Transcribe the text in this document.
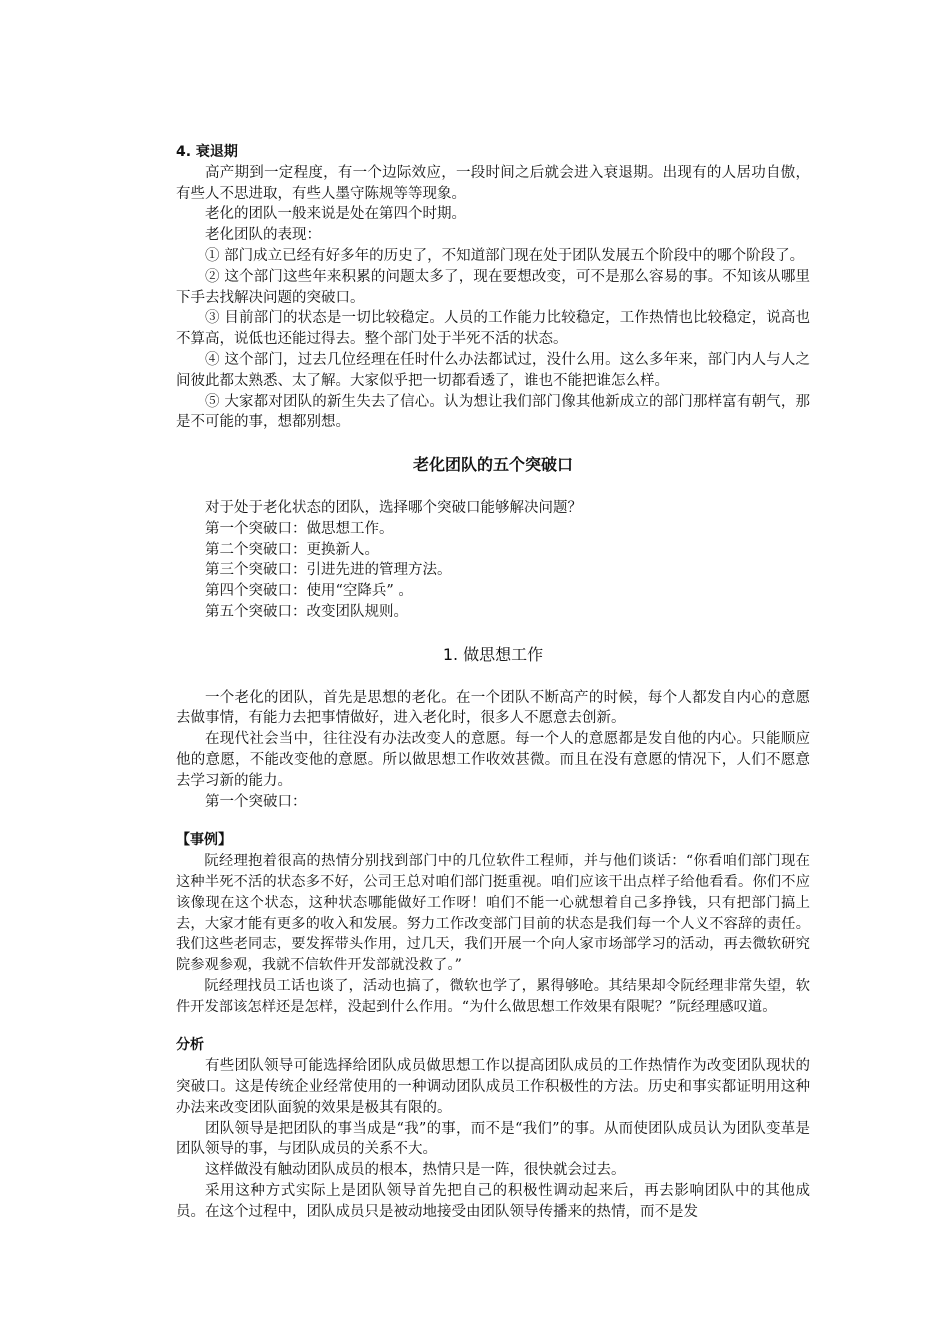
4. 衰退期

高产期到一定程度，有一个边际效应，一段时间之后就会进入衰退期。出现有的人居功自傲，有些人不思进取，有些人墨守陈规等等现象。

老化的团队一般来说是处在第四个时期。

老化团队的表现：

① 部门成立已经有好多年的历史了，不知道部门现在处于团队发展五个阶段中的哪个阶段了。

② 这个部门这些年来积累的问题太多了，现在要想改变，可不是那么容易的事。不知该从哪里下手去找解决问题的突破口。

③ 目前部门的状态是一切比较稳定。人员的工作能力比较稳定，工作热情也比较稳定，说高也不算高，说低也还能过得去。整个部门处于半死不活的状态。

④ 这个部门，过去几位经理在任时什么办法都试过，没什么用。这么多年来，部门内人与人之间彼此都太熟悉、太了解。大家似乎把一切都看透了，谁也不能把谁怎么样。

⑤ 大家都对团队的新生失去了信心。认为想让我们部门像其他新成立的部门那样富有朝气，那是不可能的事，想都别想。

老化团队的五个突破口

对于处于老化状态的团队，选择哪个突破口能够解决问题？

第一个突破口：做思想工作。

第二个突破口：更换新人。

第三个突破口：引进先进的管理方法。

第四个突破口：使用“空降兵” 。

第五个突破口：改变团队规则。

1. 做思想工作

一个老化的团队，首先是思想的老化。在一个团队不断高产的时候，每个人都发自内心的意愿去做事情，有能力去把事情做好，进入老化时，很多人不愿意去创新。

在现代社会当中，往往没有办法改变人的意愿。每一个人的意愿都是发自他的内心。只能顺应他的意愿，不能改变他的意愿。所以做思想工作收效甚微。而且在没有意愿的情况下，人们不愿意去学习新的能力。

第一个突破口：

【事例】

阮经理抱着很高的热情分别找到部门中的几位软件工程师，并与他们谈话：“你看咱们部门现在这种半死不活的状态多不好，公司王总对咱们部门挺重视。咱们应该干出点样子给他看看。你们不应该像现在这个状态，这种状态哪能做好工作呀！咱们不能一心就想着自己多挣钱，只有把部门搞上去，大家才能有更多的收入和发展。努力工作改变部门目前的状态是我们每一个人义不容辞的责任。我们这些老同志，要发挥带头作用，过几天，我们开展一个向人家市场部学习的活动，再去微软研究院参观参观，我就不信软件开发部就没救了。”

阮经理找员工话也谈了，活动也搞了，微软也学了，累得够呛。其结果却令阮经理非常失望，软件开发部该怎样还是怎样，没起到什么作用。“为什么做思想工作效果有限呢？”阮经理感叹道。

分析

有些团队领导可能选择给团队成员做思想工作以提高团队成员的工作热情作为改变团队现状的突破口。这是传统企业经常使用的一种调动团队成员工作积极性的方法。历史和事实都证明用这种办法来改变团队面貌的效果是极其有限的。

团队领导是把团队的事当成是“我”的事，而不是“我们”的事。从而使团队成员认为团队变革是团队领导的事，与团队成员的关系不大。

这样做没有触动团队成员的根本，热情只是一阵，很快就会过去。

采用这种方式实际上是团队领导首先把自己的积极性调动起来后，再去影响团队中的其他成员。在这个过程中，团队成员只是被动地接受由团队领导传播来的热情，而不是发
